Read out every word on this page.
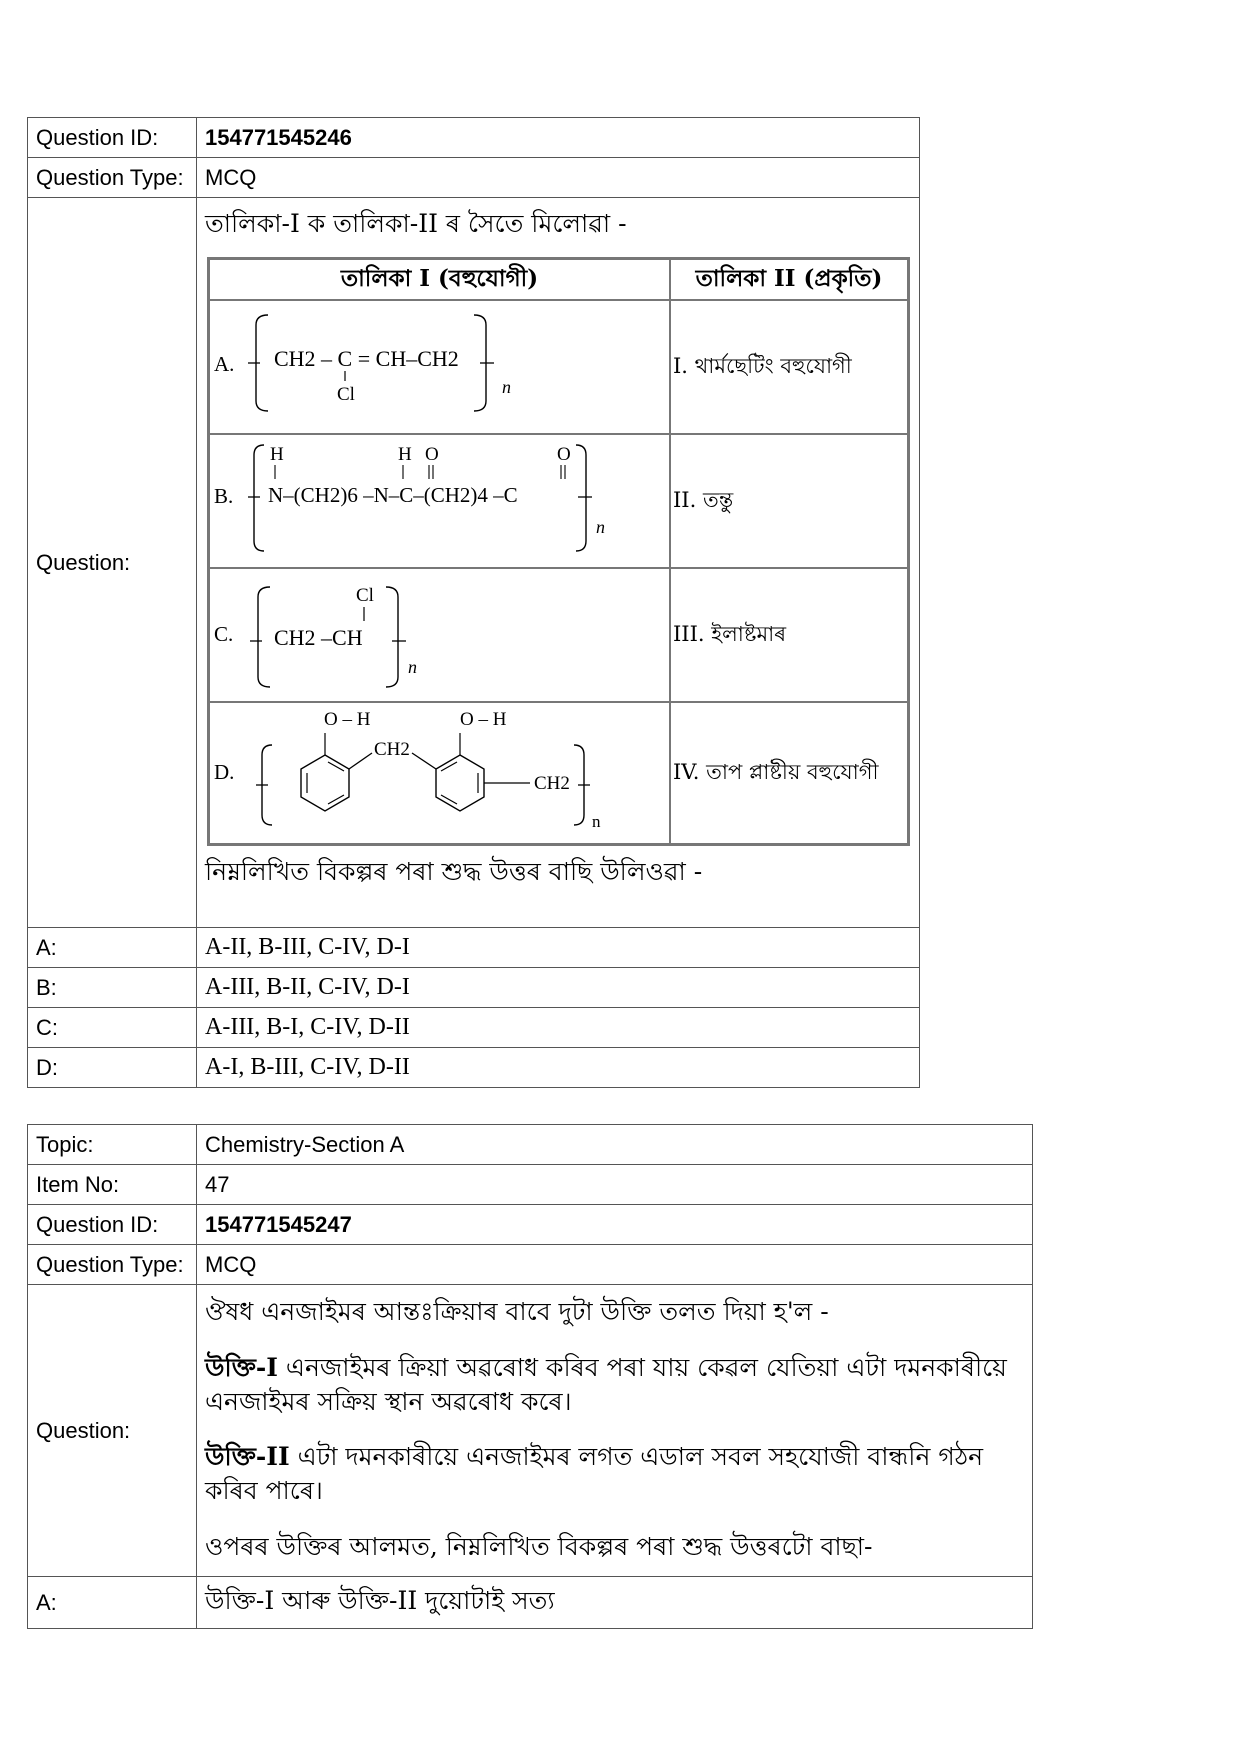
Question ID:	154771545246
Question Type:	MCQ
Question:	
তালিকা-I ক তালিকা-II ৰ সৈতে মিলোৱা -
তালিকা I (বহুযোগী)	তালিকা II (প্ৰকৃতি)

A. CH2 – C = CH–CH2
Cl	n
	I. থাৰ্মছেটিং বহুযোগী

B.
H	H O	O
N–(CH2)6 –N–C–(CH2)4 –C
n
	II. তন্তু

C.
Cl
CH2 –CH
n
	III. ইলাষ্টমাৰ

D.
O – H
CH2
O – H
CH2
n
	IV. তাপ প্লাষ্টীয় বহুযোগী
নিম্নলিখিত বিকল্পৰ পৰা শুদ্ধ উত্তৰ বাছি উলিওৱা -

A:	A-II, B-III, C-IV, D-I
B:	A-III, B-II, C-IV, D-I
C:	A-III, B-I, C-IV, D-II
D:	A-I, B-III, C-IV, D-II
Topic:	Chemistry-Section A
Item No:	47
Question ID:	154771545247
Question Type:	MCQ
Question:	ঔষধ এনজাইমৰ আন্তঃক্ৰিয়াৰ বাবে দুটা উক্তি তলত দিয়া হ'ল -
উক্তি-I এনজাইমৰ ক্ৰিয়া অৱৰোধ কৰিব পৰা যায় কেৱল যেতিয়া এটা দমনকাৰীয়ে এনজাইমৰ সক্ৰিয় স্থান অৱৰোধ কৰে।
উক্তি-II এটা দমনকাৰীয়ে এনজাইমৰ লগত এডাল সবল সহযোজী বান্ধনি গঠন কৰিব পাৰে।
ওপৰৰ উক্তিৰ আলমত, নিম্নলিখিত বিকল্পৰ পৰা শুদ্ধ উত্তৰটো বাছা-

A:	উক্তি-I আৰু উক্তি-II দুয়োটাই সত্য
